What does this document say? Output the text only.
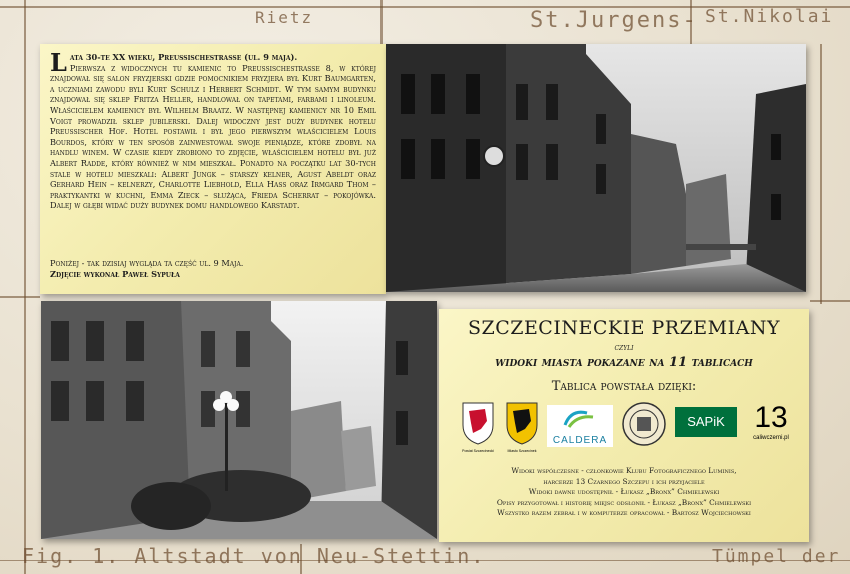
Rietz	St.Jurgens- St.Nikolai
Fig. 1. Altstadt von Neu-Stettin.	Tümpel der
L ata 30-te XX wieku, Preussischestrasse (ul. 9 maja).
Pierwsza z widocznych tu kamienic to Preussischestrasse 8, w której znajdował się salon fryzjerski gdzie pomocnikiem fryzjera był Kurt Baumgarten, a uczniami zawodu byli Kurt Schulz i Herbert Schmidt. W tym samym budynku znajdował się sklep Fritza Heller, handlował on tapetami, farbami i linoleum. Właścicielem kamienicy był Wilhelm Braatz. W następnej kamienicy nr 10 Emil Voigt prowadził sklep jubilerski. Dalej widoczny jest duży budynek hotelu Preussischer Hof. Hotel postawił i był jego pierwszym właścicielem Louis Bourdos, który w ten sposób zainwestował swoje pieniądze, które zdobył na handlu winem. W czasie kiedy zrobiono to zdjęcie, właścicielem hotelu był już Albert Radde, który również w nim mieszkał. Ponadto na początku lat 30-tych stale w hotelu mieszkali: Albert Jungk – starszy kelner, Agust Abeldt oraz Gerhard Hein – kelnerzy, Charlotte Liebhold, Ella Hass oraz Irmgard Thom – praktykantki w kuchni, Emma Zieck – służąca, Frieda Scherrat – pokojówka. Dalej w głębi widać duży budynek domu handlowego Karstadt.
Poniżej - tak dzisiaj wygląda ta część ul. 9 Maja.
Zdjęcie wykonał Paweł Sypuła
SZCZECINECKIE PRZEMIANY
czyli
widoki miasta pokazane na 11 tablicach
Tablica powstała dzięki:
Powiat Szczecinecki	Miasto Szczecinek
CALDERA
SAPiK 13
caliwczerni.pl
Widoki współczesne - członkowie Klubu Fotograficznego Luminis,
harcerze 13 Czarnego Szczepu i ich przyjaciele
Widoki dawne udostępnił - Łukasz „Bronx” Chmielewski
Opisy przygotował i historię miejsc odsłonił - Łukasz „Bronx” Chmielewski
Wszystko razem zebrał i w komputerze opracował - Bartosz Wojciechowski
